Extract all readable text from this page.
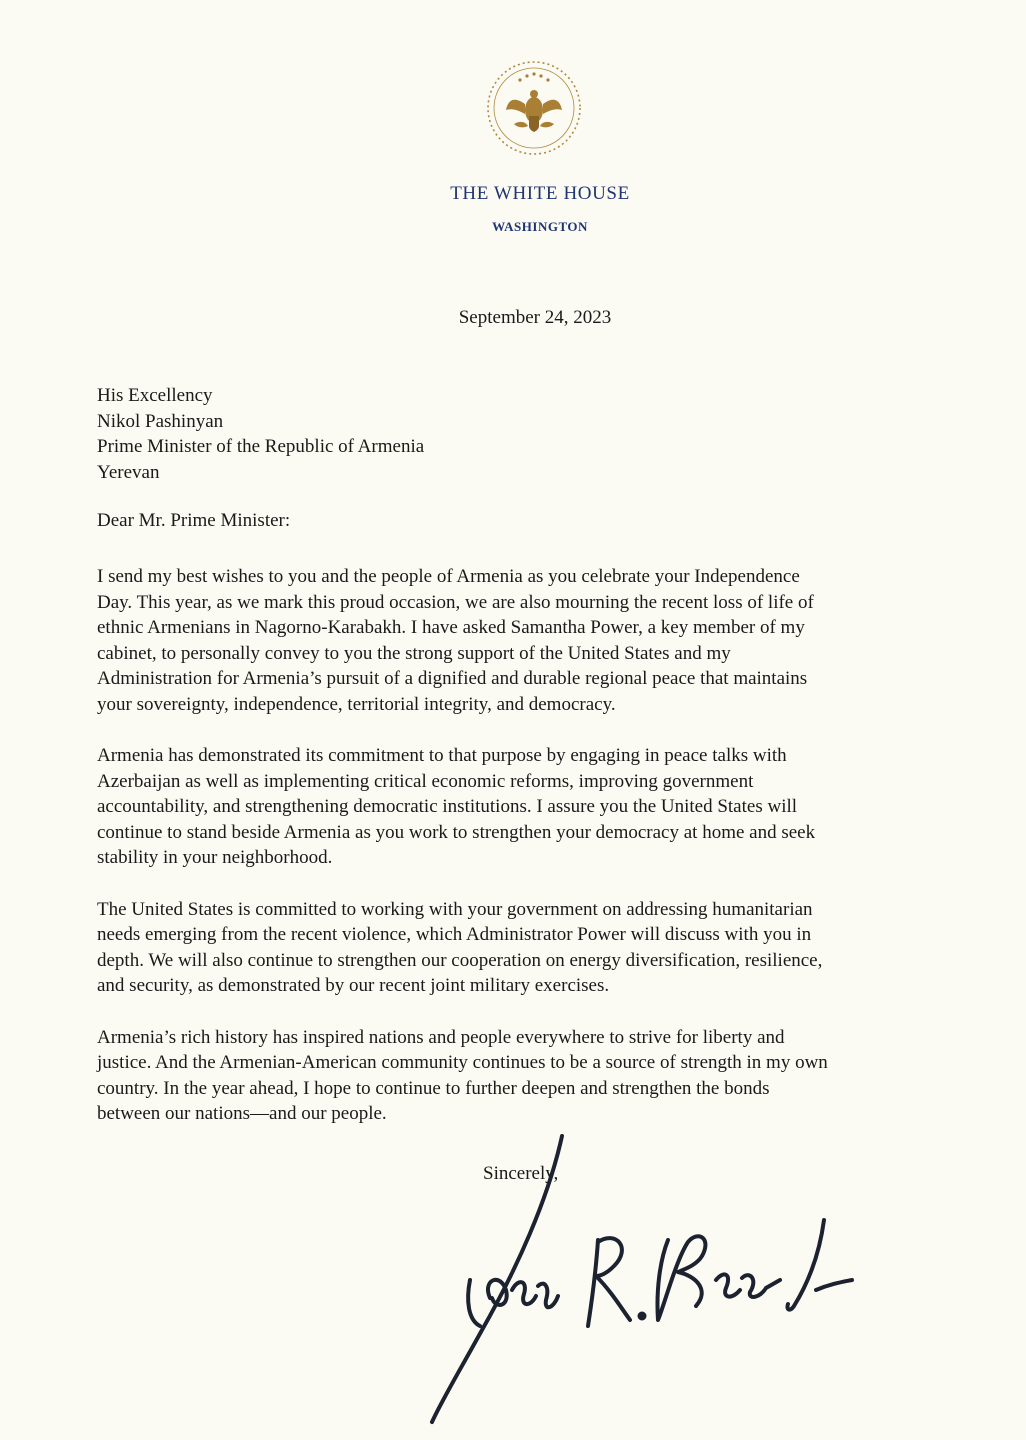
THE WHITE HOUSE
WASHINGTON
September 24, 2023
His Excellency
Nikol Pashinyan
Prime Minister of the Republic of Armenia
Yerevan
Dear Mr. Prime Minister:

I send my best wishes to you and the people of Armenia as you celebrate your Independence
Day. This year, as we mark this proud occasion, we are also mourning the recent loss of life of
ethnic Armenians in Nagorno-Karabakh. I have asked Samantha Power, a key member of my
cabinet, to personally convey to you the strong support of the United States and my
Administration for Armenia’s pursuit of a dignified and durable regional peace that maintains
your sovereignty, independence, territorial integrity, and democracy.

Armenia has demonstrated its commitment to that purpose by engaging in peace talks with
Azerbaijan as well as implementing critical economic reforms, improving government
accountability, and strengthening democratic institutions. I assure you the United States will
continue to stand beside Armenia as you work to strengthen your democracy at home and seek
stability in your neighborhood.

The United States is committed to working with your government on addressing humanitarian
needs emerging from the recent violence, which Administrator Power will discuss with you in
depth. We will also continue to strengthen our cooperation on energy diversification, resilience,
and security, as demonstrated by our recent joint military exercises.

Armenia’s rich history has inspired nations and people everywhere to strive for liberty and
justice. And the Armenian-American community continues to be a source of strength in my own
country. In the year ahead, I hope to continue to further deepen and strengthen the bonds
between our nations—and our people.

Sincerely,
